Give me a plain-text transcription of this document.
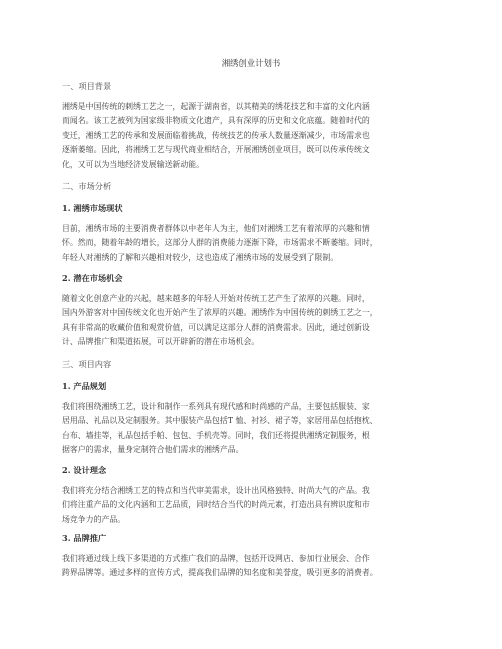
湘绣创业计划书
一、项目背景
湘绣是中国传统的刺绣工艺之一，起源于湖南省，以其精美的绣花技艺和丰富的文化内涵
而闻名。该工艺被列为国家级非物质文化遗产，具有深厚的历史和文化底蕴。随着时代的
变迁，湘绣工艺的传承和发展面临着挑战，传统技艺的传承人数量逐渐减少，市场需求也
逐渐萎缩。因此，将湘绣工艺与现代商业相结合，开展湘绣创业项目，既可以传承传统文
化，又可以为当地经济发展输送新动能。
二、市场分析
1. 湘绣市场现状
目前，湘绣市场的主要消费者群体以中老年人为主，他们对湘绣工艺有着浓厚的兴趣和情
怀。然而，随着年龄的增长，这部分人群的消费能力逐渐下降，市场需求不断萎缩。同时，
年轻人对湘绣的了解和兴趣相对较少，这也造成了湘绣市场的发展受到了限制。
2. 潜在市场机会
随着文化创意产业的兴起，越来越多的年轻人开始对传统工艺产生了浓厚的兴趣。同时，
国内外游客对中国传统文化也开始产生了浓厚的兴趣。湘绣作为中国传统的刺绣工艺之一，
具有非常高的收藏价值和观赏价值，可以满足这部分人群的消费需求。因此，通过创新设
计、品牌推广和渠道拓展，可以开辟新的潜在市场机会。
三、项目内容
1. 产品规划
我们将围绕湘绣工艺，设计和制作一系列具有现代感和时尚感的产品，主要包括服装、家
居用品、礼品以及定制服务。其中服装产品包括T 恤、衬衫、裙子等，家居用品包括抱枕、
台布、墙挂等，礼品包括手帕、包包、手机壳等。同时，我们还将提供湘绣定制服务，根
据客户的需求，量身定制符合他们需求的湘绣产品。
2. 设计理念
我们将充分结合湘绣工艺的特点和当代审美需求，设计出风格独特、时尚大气的产品。我
们将注重产品的文化内涵和工艺品质，同时结合当代的时尚元素，打造出具有辨识度和市
场竞争力的产品。
3. 品牌推广
我们将通过线上线下多渠道的方式推广我们的品牌，包括开设网店、参加行业展会、合作
跨界品牌等。通过多样的宣传方式，提高我们品牌的知名度和美誉度，吸引更多的消费者。
